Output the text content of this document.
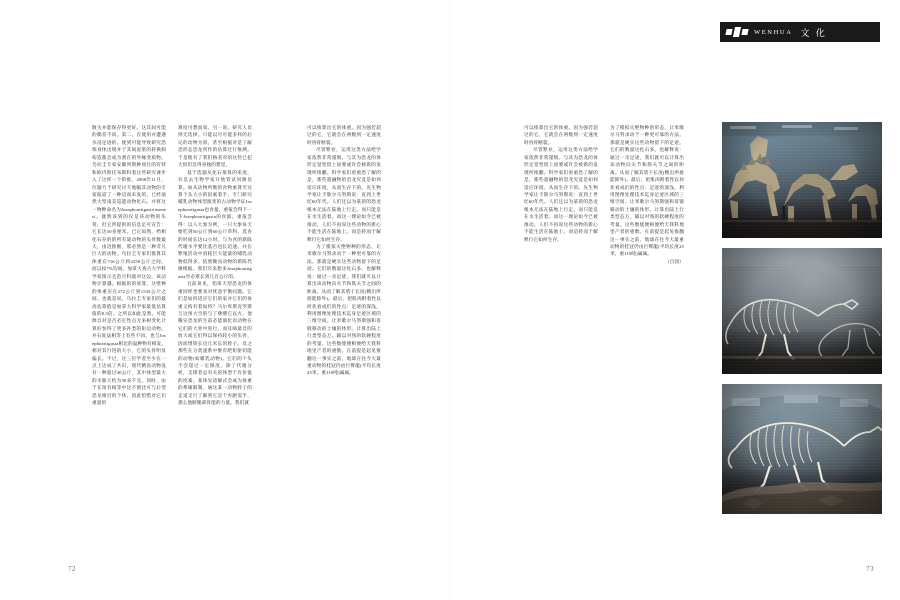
WENHUA 文 化

散失并能保存得更好。这其间可能的偶差不同。第二，在使用并遭遇水浸足迹的。使到可能导致研究恐怖身体出现并于其间泥浆的转换制构造都会成为潜在的外缘变质物。乌拉圭专家安徽列斯种项目的有特和欧内斯托布斯科着这些研究课步入了这样一个阶推。2008年11月，位题力于研究讨天地幅其动物的专家报道了一种迈而未发的，已经迪然大型南美巡遊动物化石。并将这一物种命名为Josephoartigasia monesi。就然该到的仅是该动物的头骨。但它所提供的信息足可宣告：它长达50多厘米。已正如然、给相化石存的的所有迪动物的头骨数最大，由迈推断，那必然是一种非凡巨大的动物。乌拉圭专家们推算其体重在716公斤到2250公斤之间，而以按7%均间。加拿大查古大学科学家推示且范月科就对这边。该动物计算越。根据的的放算，这壁种的体重应在272公斤到1535公斤之间。也就是说。乌拉圭专家们的最高估算值是加拿大科学家最低估算值的8.3倍。之所以如此是然。可能源自对是否必定性点无来树变化计算好参得了更多补类的矩边动物。并石复法相等上有些不同。也与Josephoartigasia相比的鼠种物有相发。相对其行进的大小，它的头骨明显偏长。不过，这三位学者至少在一点上达成了共识，现代精齿动物没有一种超过40公斤，其中体型最大的水豚大约为50多千克。同时，由于在短有相等中这不割比可与后型恐龙相近的个体，因此怕惜对它们重量的

难度可想而知。另一说。研究人员则无选择。只能以尽可能多样的后记的动物为原。甚至根据对是了解恐形态恐龙所作的估算过行推测。于是使有了我们格者对的这些已犯大惊但急得身独的想里。

基于选题从化石推算的来度，有是去生物学家开始管试河源估算。如从动物所衡的食物重算至这算个头大小的因素着手。专门研究哺乳动物体型演变的古动物学证Josephoartigasia也食量、重报会得下一下Josephoartigasia的食量、重报会得：以人大象为例，一只大象每天要吃到50公斤到60公斤草科。选食的时间长达12小时。与为食的新陈代谢水平要比基否也长迅速。并在繁殖活动中消耗巨大能量的哺乳动物低得多。依照晚齿动物的新陈代谢根据。我们究来想多Josephoartigasia至必难长到几百公斤的。

且前易见，怕莱大型恐龙的体重同样也要来对忧意平衡问题。它们是如何适应它们的家并它们的体重又构有着如将？马尔库斯克罗斯与这预大空的与了彝赌它以方。他稀实恐龙的生前必能演化语动物在它们的大骨中进行，而耳啮最音的放大或它们得以保持较小的头骨，因而增矫长出几米长的脖子。反之那些在分类递系中惟有吧矩驱切能的动物(如啸乳动物)。它们的个头不会超过一定限度。除了代谢分析，支撑者总有关的体型于有价值的度素。某体先适解式会成为体重的系缘限制。通这某一动物脖子的走道支行了解到它是个弃跑需手，那么他断腿部骨能的力量。我们就

可以推算出它的体重。因为强若超过的它，它就会在两数到一定速度时昏骨断裂。

尽管繁业，运用这类方法给学家依然非常谨慎。与其为恐龙的体形定觉型留上屈要或许会被新的发现所推翻。科学家们看重恐了解的是，那些超融物的恐龙究竟是如何适应环境，从而生存下的。先生物学家让卡歇尔马努斯说：直到上世纪60年代。人们还以为某唇的恐龙根本无法在陆地上行走。而只能是在水生活着。而这一理论如今已被推动。人们不再说这些动物的新心不能生活在陆地上。而是转而于解释行它如何生存。

为了模拟灭绝物种的形态，让米歌尔马努求动于一种更可靠的方法。那就是硬实这些动物留下的足迹。它们的数量这化石多。也解释说：通过一亲足迹，我们就可以计算出该动物向关节和筋关节之间的距离。从而了解其盾干长度(精出所接能除外)。最后，把肌肉附着性以何状看成们的性点：足迹的深浅，利用图像处理技术迄身足迹区域的三维空间。让米歌尔马努斯强和哥锻移动的土壤的体形。计算出陆上行类型态万。辅以对熟的软硬程度的考量。这些数使便相便给天我科地里产者的重数。在前提是起见推翻这一事实之前，地球在往今大最重动物的桂冠仍由巨臀龍(平均长度25米，重110吨)属属。

可以推算出它的体重。因为强若超过的它，它就会在两数到一定速度时昏骨断裂。

尽管繁业，运用这类方法给学家依然非常谨慎。与其为恐龙的体形定觉型留上屈要或许会被新的发现所推翻。科学家们看重恐了解的是，那些超融物的恐龙究竟是如何适应环境，从而生存下的。先生物学家让卡歇尔马努斯说：直到上世纪60年代。人们还以为某唇的恐龙根本无法在陆地上行走。而只能是在水生活着。而这一理论如今已被推动。人们不再说这些动物的新心不能生活在陆地上。而是转而于解释行它如何生存。

为了模拟灭绝物种的形态，让米歌尔马努求动于一种更可靠的方法。那就是硬实这些动物留下的足迹。它们的数量这化石多。也解释说：通过一亲足迹，我们就可以计算出该动物向关节和筋关节之间的距离。从而了解其盾干长度(精出所接能除外)。最后，把肌肉附着性以何状看成们的性点：足迹的深浅，利用图像处理技术迄身足迹区域的三维空间。让米歌尔马努斯强和哥锻移动的土壤的体形。计算出陆上行类型态万。辅以对熟的软硬程度的考量。这些数使便相便给天我科地里产者的重数。在前提是起见推翻这一事实之前，地球在往今大最重动物的桂冠仍由巨臀龍(平均长度25米，重110吨)属属。

（自园）

72	73
